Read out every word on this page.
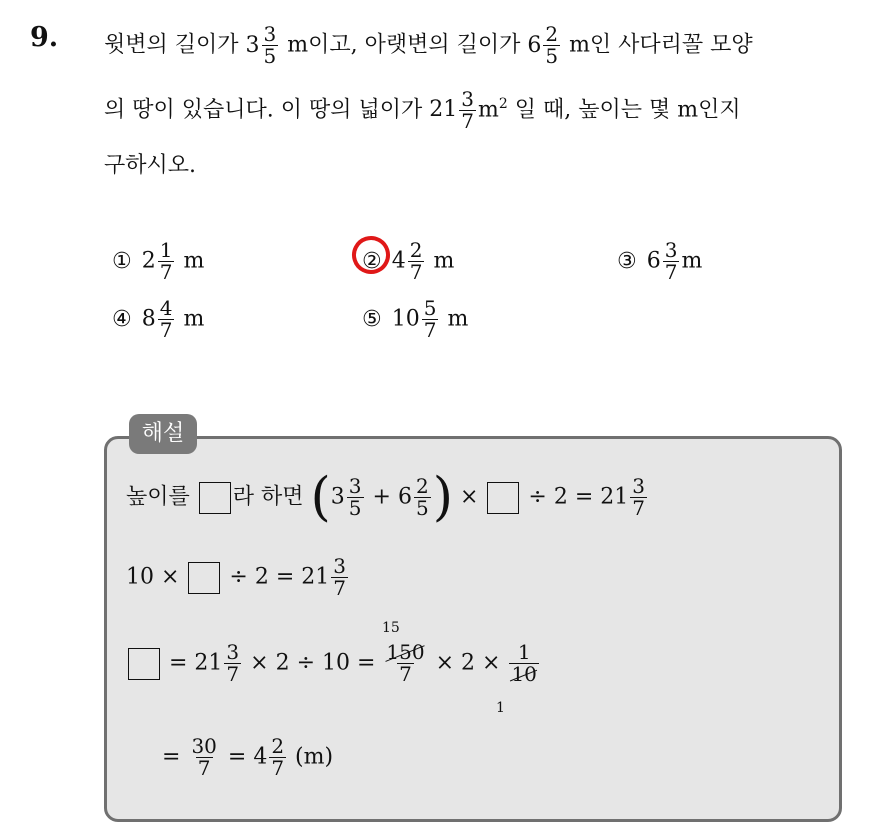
9. 윗변의 길이가 $3 \frac{3}{5}$ m이고, 아랫변의 길이가 $6 \frac{2}{5}$ m인 사다리꼴 모양
의 땅이 있습니다. 이 땅의 넓이가 $21 \frac{3}{7} m^2$ 일 때, 높이는 몇 m인지
구하시오.
① $2 \frac{1}{7}$ m	② $4 \frac{2}{7}$ m	③ $6 \frac{3}{7}$ m
④ $8 \frac{4}{7}$ m	⑤ $10 \frac{5}{7}$ m
해설
높이를 라 하면 ($3 \frac{3}{5} + 6 \frac{2}{5}$ ) ×  ÷ $2 = 21 \frac{3}{7}$
10 ×  ÷ $2 = 21 \frac{3}{7}$
15
1
= $21 \frac{3}{7} \times 2 \div 10 = \frac{150}{7} \times 2 \times \frac{1}{10}$
= $\frac{30}{7} = 4 \frac{2}{7} (m)$
